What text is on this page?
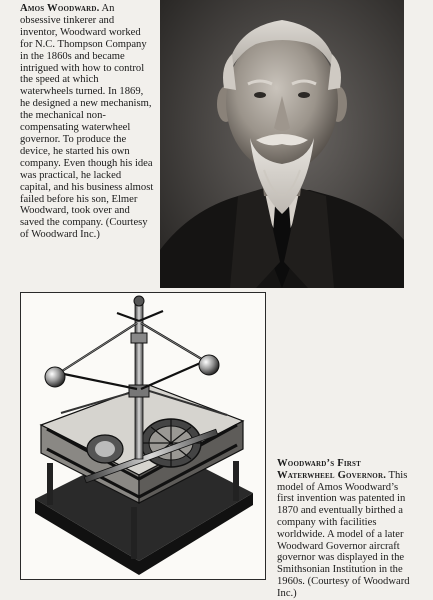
Amos Woodward. An obsessive tinkerer and inventor, Woodward worked for N.C. Thompson Company in the 1860s and became intrigued with how to control the speed at which waterwheels turned. In 1869, he designed a new mechanism, the mechanical non-compensating waterwheel governor. To produce the device, he started his own company. Even though his idea was practical, he lacked capital, and his business almost failed before his son, Elmer Woodward, took over and saved the company. (Courtesy of Woodward Inc.)
Woodward’s First Waterwheel Governor. This model of Amos Woodward’s first invention was patented in 1870 and eventually birthed a company with facilities worldwide. A model of a later Woodward Governor aircraft governor was displayed in the Smithsonian Institution in the 1960s. (Courtesy of Woodward Inc.)
